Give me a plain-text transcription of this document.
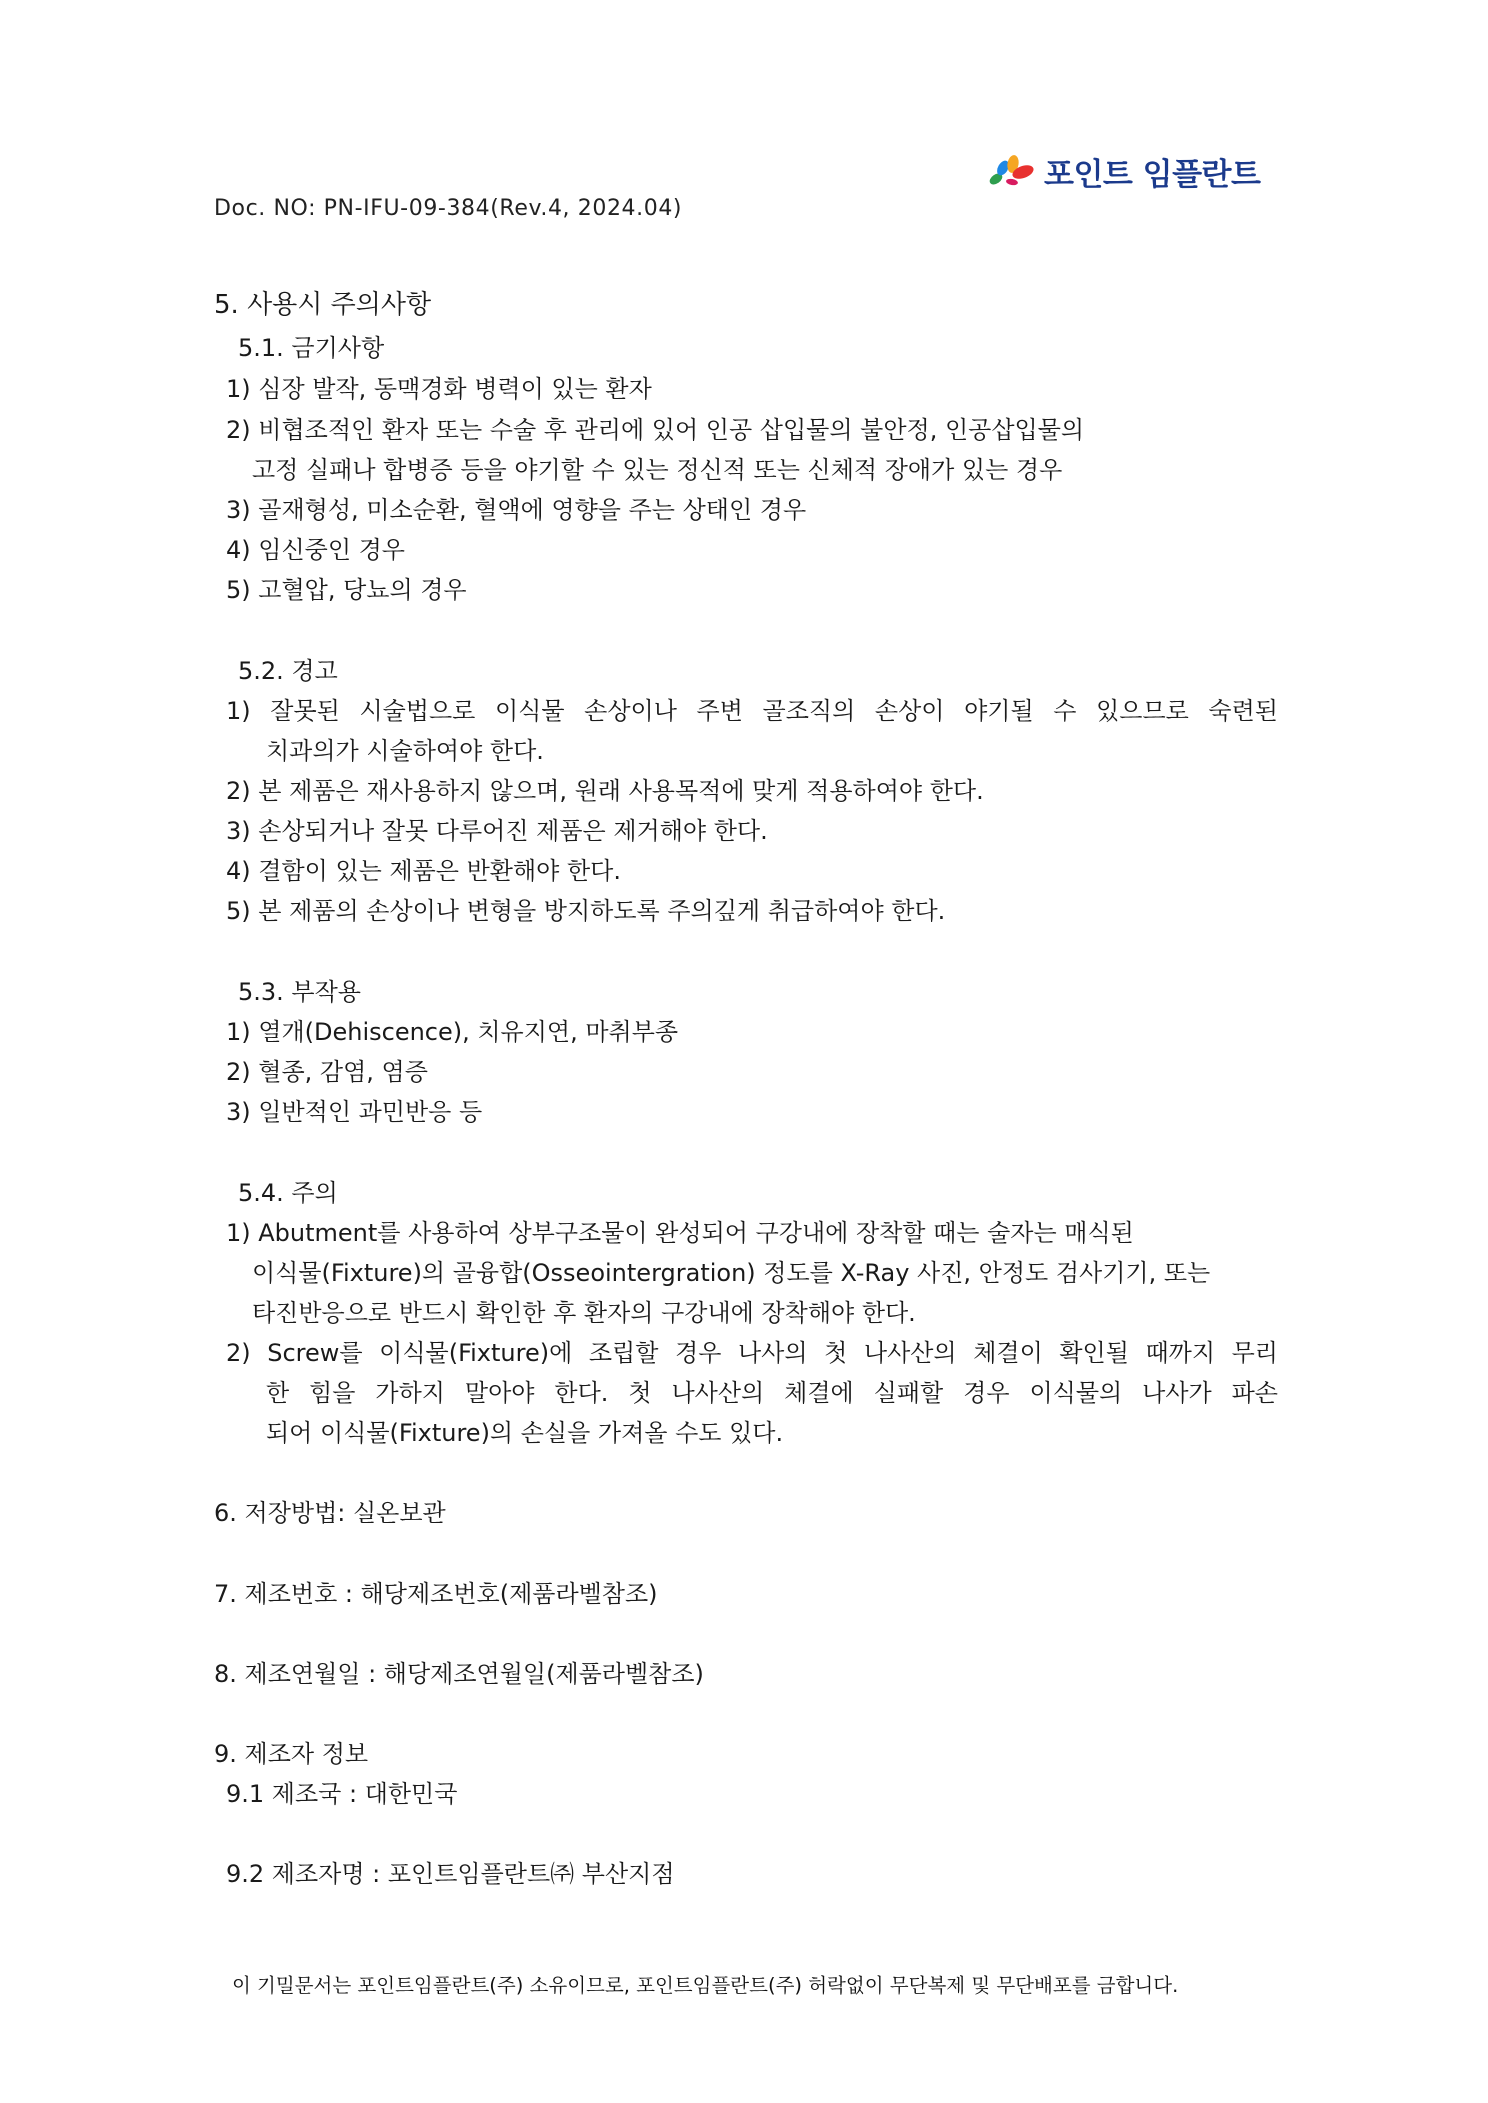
포인트 임플란트
Doc. NO: PN-IFU-09-384(Rev.4, 2024.04)
5. 사용시 주의사항
5.1. 금기사항
1) 심장 발작, 동맥경화 병력이 있는 환자
2) 비협조적인 환자 또는 수술 후 관리에 있어 인공 삽입물의 불안정, 인공삽입물의
고정 실패나 합병증 등을 야기할 수 있는 정신적 또는 신체적 장애가 있는 경우
3) 골재형성, 미소순환, 혈액에 영향을 주는 상태인 경우
4) 임신중인 경우
5) 고혈압, 당뇨의 경우
5.2. 경고
1) 잘못된 시술법으로 이식물 손상이나 주변 골조직의 손상이 야기될 수 있으므로 숙련된
치과의가 시술하여야 한다.
2) 본 제품은 재사용하지 않으며, 원래 사용목적에 맞게 적용하여야 한다.
3) 손상되거나 잘못 다루어진 제품은 제거해야 한다.
4) 결함이 있는 제품은 반환해야 한다.
5) 본 제품의 손상이나 변형을 방지하도록 주의깊게 취급하여야 한다.
5.3. 부작용
1) 열개(Dehiscence), 치유지연, 마취부종
2) 혈종, 감염, 염증
3) 일반적인 과민반응 등
5.4. 주의
1) Abutment를 사용하여 상부구조물이 완성되어 구강내에 장착할 때는 술자는 매식된
이식물(Fixture)의 골융합(Osseointergration) 정도를 X-Ray 사진, 안정도 검사기기, 또는
타진반응으로 반드시 확인한 후 환자의 구강내에 장착해야 한다.
2) Screw를 이식물(Fixture)에 조립할 경우 나사의 첫 나사산의 체결이 확인될 때까지 무리
한 힘을 가하지 말아야 한다. 첫 나사산의 체결에 실패할 경우 이식물의 나사가 파손
되어 이식물(Fixture)의 손실을 가져올 수도 있다.
6. 저장방법: 실온보관
7. 제조번호 : 해당제조번호(제품라벨참조)
8. 제조연월일 : 해당제조연월일(제품라벨참조)
9. 제조자 정보
9.1 제조국 : 대한민국
9.2 제조자명 : 포인트임플란트㈜ 부산지점
이 기밀문서는 포인트임플란트(주) 소유이므로, 포인트임플란트(주) 허락없이 무단복제 및 무단배포를 금합니다.
